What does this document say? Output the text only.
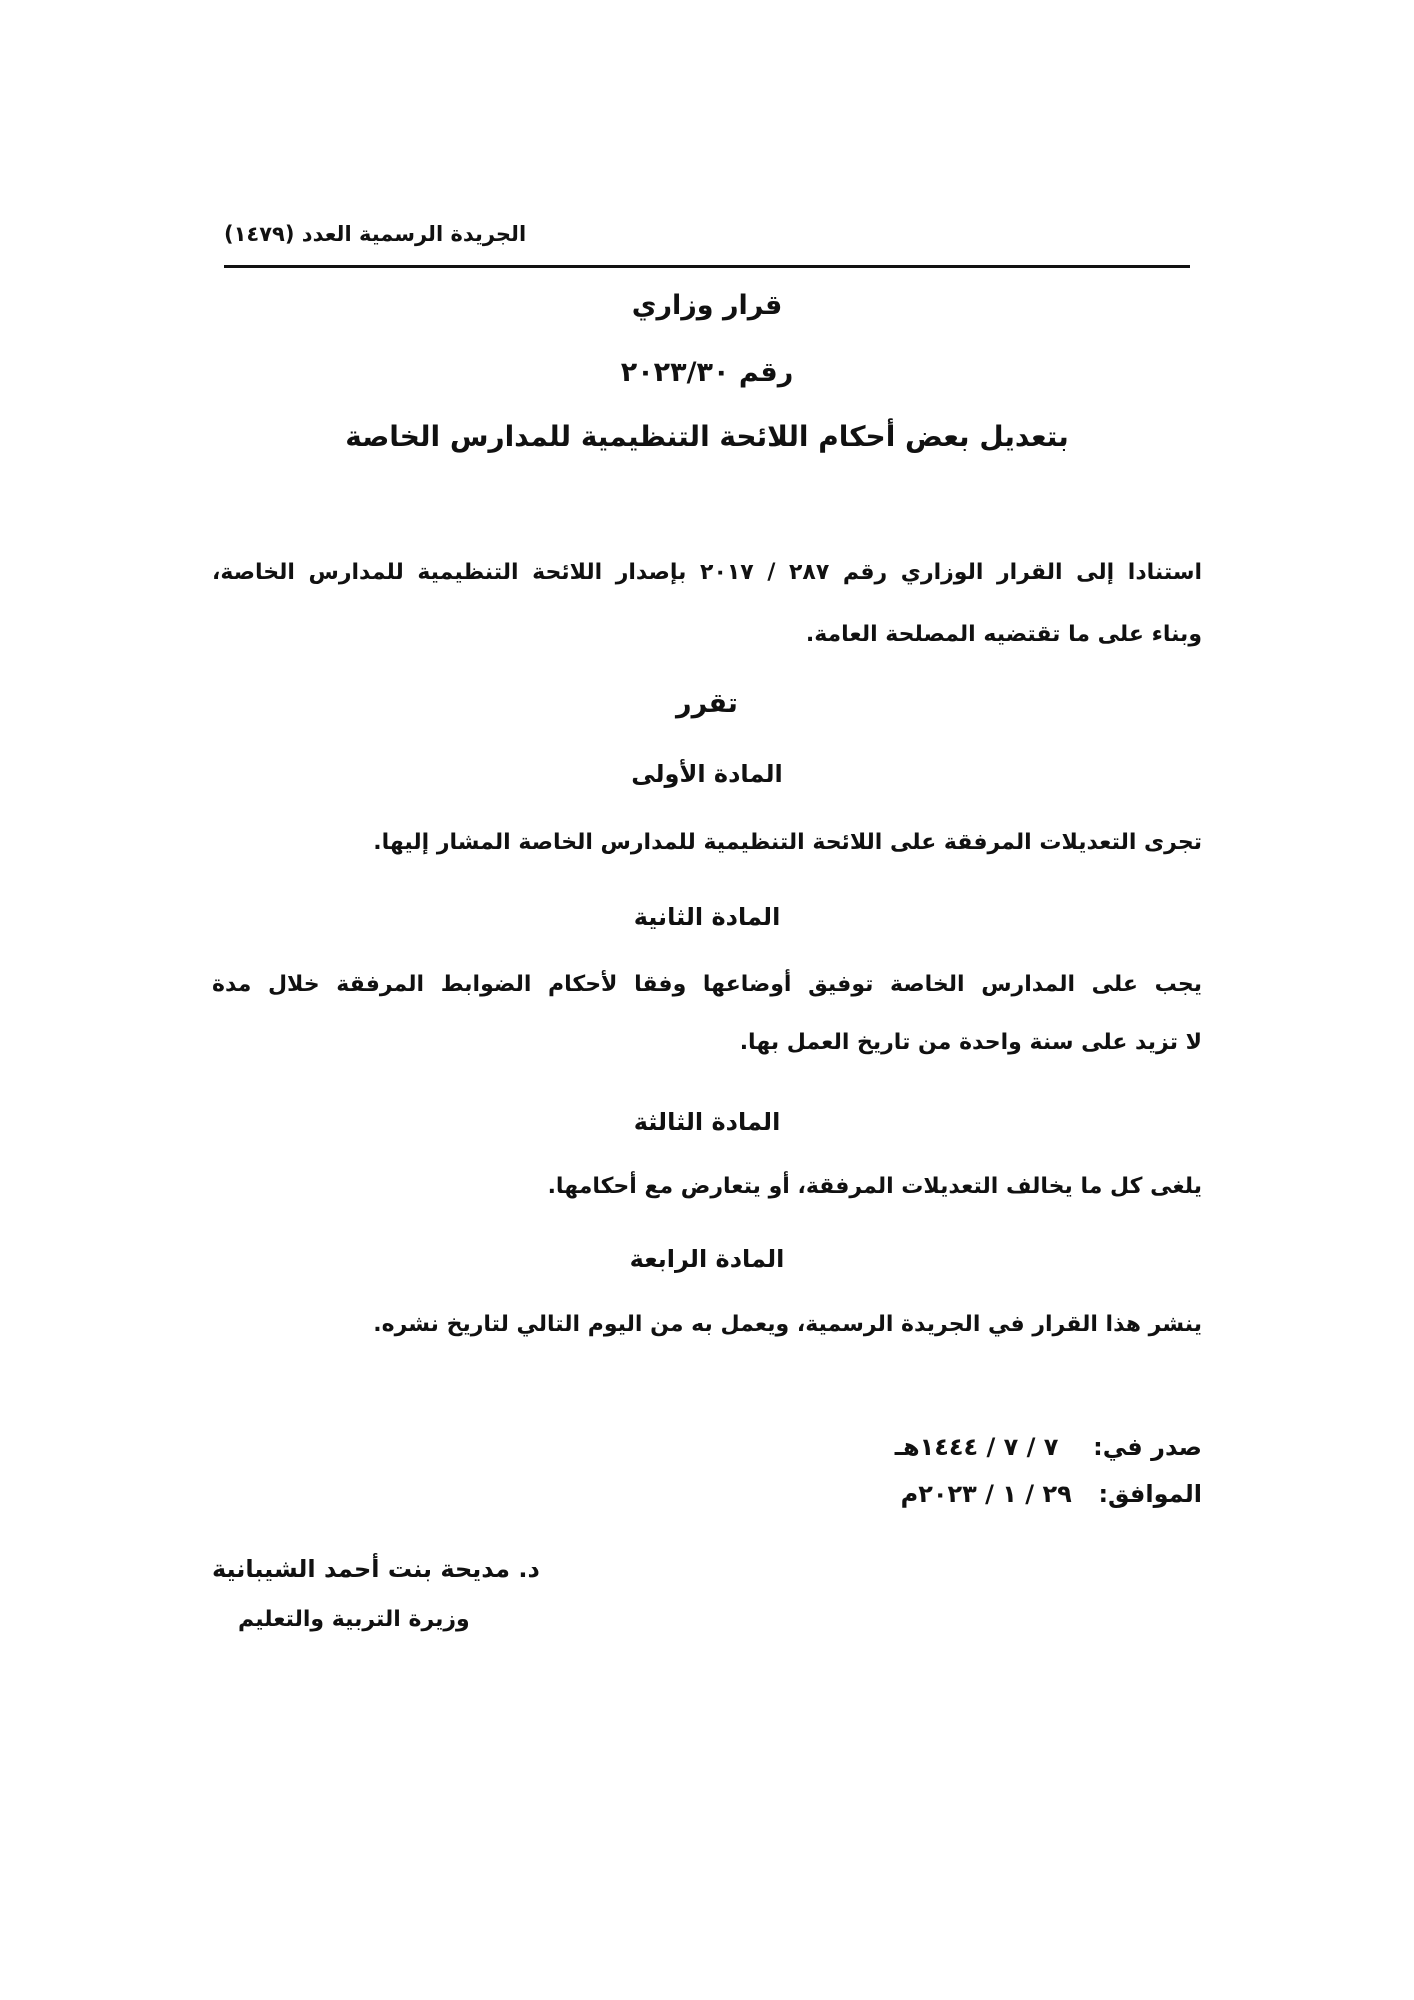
الجريدة الرسمية العدد (١٤٧٩)
قرار وزاري
رقم ٢٠٢٣/٣٠
بتعديل بعض أحكام اللائحة التنظيمية للمدارس الخاصة
استنادا إلى القرار الوزاري رقم ٢٨٧ / ٢٠١٧ بإصدار اللائحة التنظيمية للمدارس الخاصة،
وبناء على ما تقتضيه المصلحة العامة.
تقرر
المادة الأولى
تجرى التعديلات المرفقة على اللائحة التنظيمية للمدارس الخاصة المشار إليها.
المادة الثانية
يجب على المدارس الخاصة توفيق أوضاعها وفقا لأحكام الضوابط المرفقة خلال مدة
لا تزيد على سنة واحدة من تاريخ العمل بها.
المادة الثالثة
يلغى كل ما يخالف التعديلات المرفقة، أو يتعارض مع أحكامها.
المادة الرابعة
ينشر هذا القرار في الجريدة الرسمية، ويعمل به من اليوم التالي لتاريخ نشره.
صدر في:  ٧ / ٧ / ١٤٤٤هـ
الموافق:  ٢٩ / ١ / ٢٠٢٣م
د. مديحة بنت أحمد الشيبانية
وزيرة التربية والتعليم
